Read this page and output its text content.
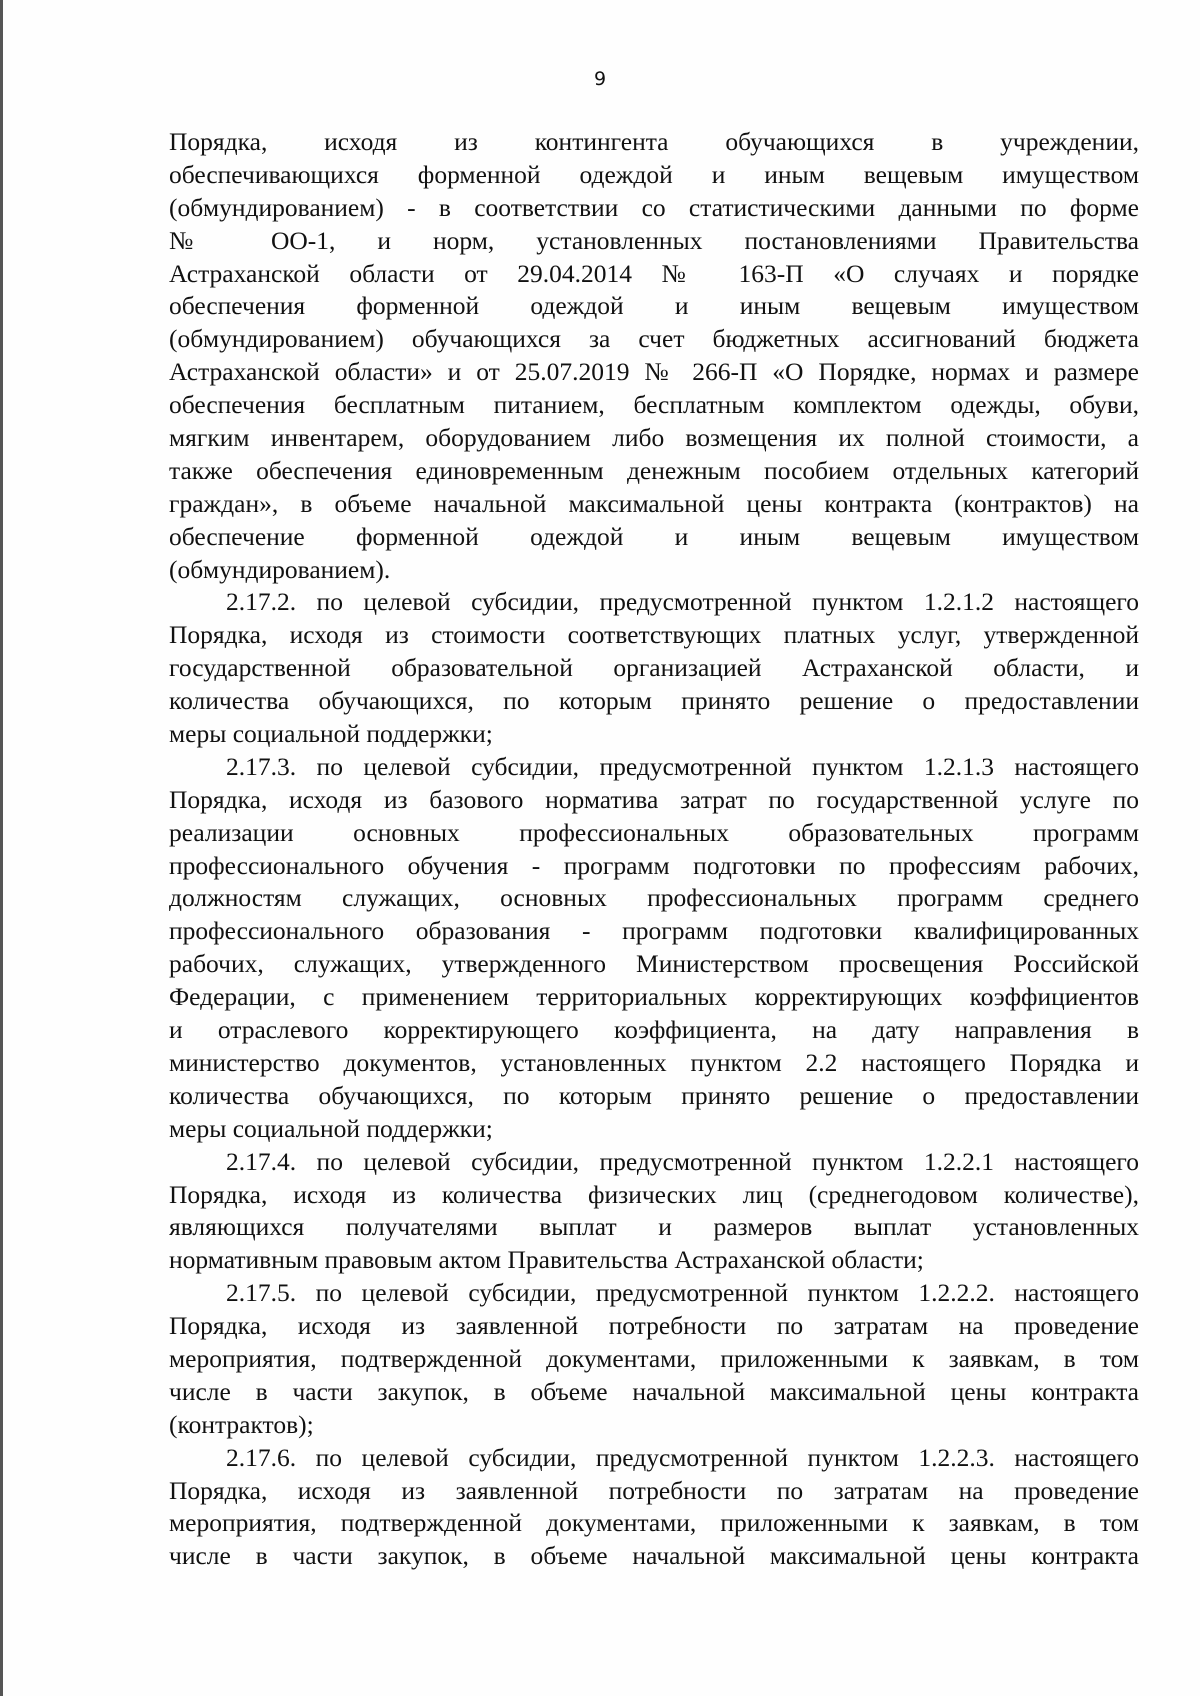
9
Порядка, исходя из контингента обучающихся в учреждении,
обеспечивающихся форменной одеждой и иным вещевым имуществом
(обмундированием) - в соответствии со статистическими данными по форме
№ ОО-1, и норм, установленных постановлениями Правительства
Астраханской области от 29.04.2014 № 163-П «О случаях и порядке
обеспечения форменной одеждой и иным вещевым имуществом
(обмундированием) обучающихся за счет бюджетных ассигнований бюджета
Астраханской области» и от 25.07.2019 № 266-П «О Порядке, нормах и размере
обеспечения бесплатным питанием, бесплатным комплектом одежды, обуви,
мягким инвентарем, оборудованием либо возмещения их полной стоимости, а
также обеспечения единовременным денежным пособием отдельных категорий
граждан», в объеме начальной максимальной цены контракта (контрактов) на
обеспечение форменной одеждой и иным вещевым имуществом
(обмундированием).
2.17.2. по целевой субсидии, предусмотренной пунктом 1.2.1.2 настоящего
Порядка, исходя из стоимости соответствующих платных услуг, утвержденной
государственной образовательной организацией Астраханской области, и
количества обучающихся, по которым принято решение о предоставлении
меры социальной поддержки;
2.17.3. по целевой субсидии, предусмотренной пунктом 1.2.1.3 настоящего
Порядка, исходя из базового норматива затрат по государственной услуге по
реализации основных профессиональных образовательных программ
профессионального обучения - программ подготовки по профессиям рабочих,
должностям служащих, основных профессиональных программ среднего
профессионального образования - программ подготовки квалифицированных
рабочих, служащих, утвержденного Министерством просвещения Российской
Федерации, с применением территориальных корректирующих коэффициентов
и отраслевого корректирующего коэффициента, на дату направления в
министерство документов, установленных пунктом 2.2 настоящего Порядка и
количества обучающихся, по которым принято решение о предоставлении
меры социальной поддержки;
2.17.4. по целевой субсидии, предусмотренной пунктом 1.2.2.1 настоящего
Порядка, исходя из количества физических лиц (среднегодовом количестве),
являющихся получателями выплат и размеров выплат установленных
нормативным правовым актом Правительства Астраханской области;
2.17.5. по целевой субсидии, предусмотренной пунктом 1.2.2.2. настоящего
Порядка, исходя из заявленной потребности по затратам на проведение
мероприятия, подтвержденной документами, приложенными к заявкам, в том
числе в части закупок, в объеме начальной максимальной цены контракта
(контрактов);
2.17.6. по целевой субсидии, предусмотренной пунктом 1.2.2.3. настоящего
Порядка, исходя из заявленной потребности по затратам на проведение
мероприятия, подтвержденной документами, приложенными к заявкам, в том
числе в части закупок, в объеме начальной максимальной цены контракта
